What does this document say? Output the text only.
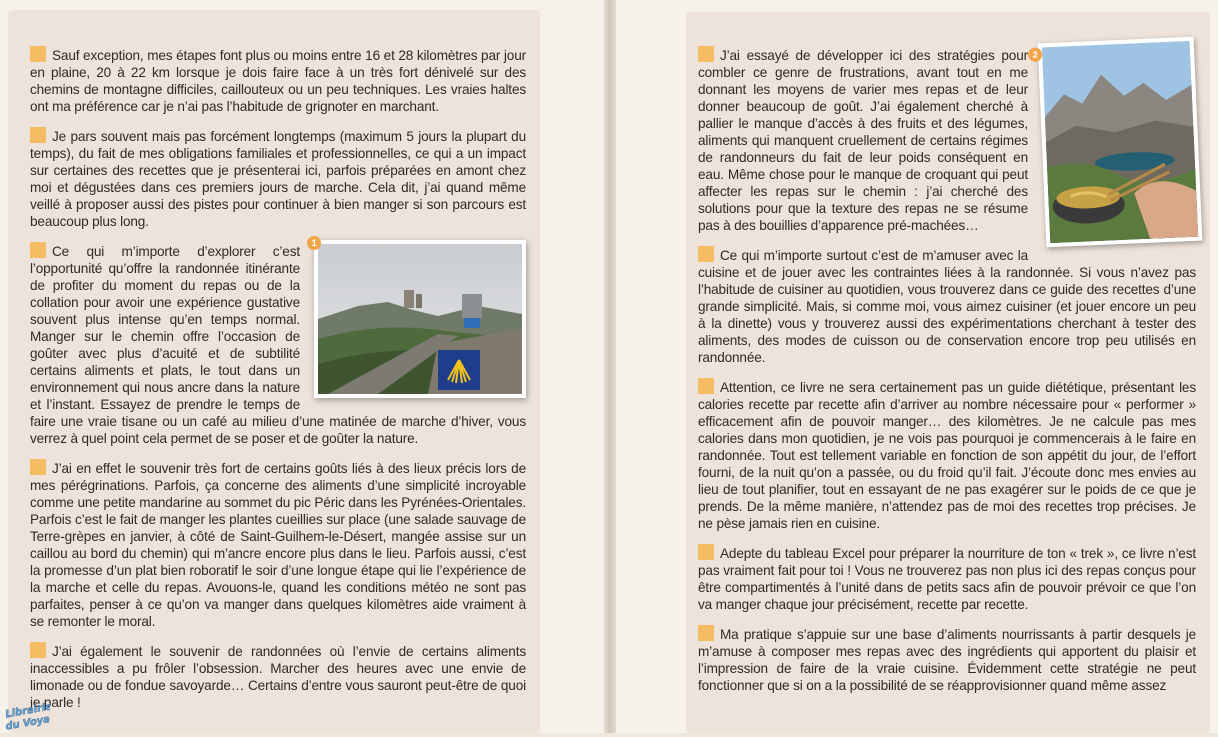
Sauf exception, mes étapes font plus ou moins entre 16 et 28 kilomètres par jour en plaine, 20 à 22 km lorsque je dois faire face à un très fort dénivelé sur des chemins de montagne difficiles, caillouteux ou un peu techniques. Les vraies haltes ont ma préférence car je n’ai pas l’habitude de grignoter en marchant.

Je pars souvent mais pas forcément longtemps (maximum 5 jours la plupart du temps), du fait de mes obligations familiales et professionnelles, ce qui a un impact sur certaines des recettes que je présenterai ici, parfois préparées en amont chez moi et dégustées dans ces premiers jours de marche. Cela dit, j’ai quand même veillé à proposer aussi des pistes pour continuer à bien manger si son parcours est beaucoup plus long.

1
Ce qui m’importe d’explorer c’est l’opportunité qu’offre la randonnée itinérante de profiter du moment du repas ou de la collation pour avoir une expérience gustative souvent plus intense qu’en temps normal. Manger sur le chemin offre l’occasion de goûter avec plus d’acuité et de subtilité certains aliments et plats, le tout dans un environnement qui nous ancre dans la nature et l’instant. Essayez de prendre le temps de faire une vraie tisane ou un café au milieu d’une matinée de marche d’hiver, vous verrez à quel point cela permet de se poser et de goûter la nature.

J’ai en effet le souvenir très fort de certains goûts liés à des lieux précis lors de mes pérégrinations. Parfois, ça concerne des aliments d’une simplicité incroyable comme une petite mandarine au sommet du pic Péric dans les Pyrénées-Orientales. Parfois c’est le fait de manger les plantes cueillies sur place (une salade sauvage de Terre-grèpes en janvier, à côté de Saint-Guilhem-le-Désert, mangée assise sur un caillou au bord du chemin) qui m’ancre encore plus dans le lieu. Parfois aussi, c’est la promesse d’un plat bien roboratif le soir d’une longue étape qui lie l’expérience de la marche et celle du repas. Avouons-le, quand les conditions météo ne sont pas parfaites, penser à ce qu’on va manger dans quelques kilomètres aide vraiment à se remonter le moral.

J’ai également le souvenir de randonnées où l’envie de certains aliments inaccessibles a pu frôler l’obsession. Marcher des heures avec une envie de limonade ou de fondue savoyarde… Certains d’entre vous sauront peut-être de quoi je parle !

2
J’ai essayé de développer ici des stratégies pour combler ce genre de frustrations, avant tout en me donnant les moyens de varier mes repas et de leur donner beaucoup de goût. J’ai également cherché à pallier le manque d’accès à des fruits et des légumes, aliments qui manquent cruellement de certains régimes de randonneurs du fait de leur poids conséquent en eau. Même chose pour le manque de croquant qui peut affecter les repas sur le chemin : j’ai cherché des solutions pour que la texture des repas ne se résume pas à des bouillies d’apparence pré-machées…

Ce qui m’importe surtout c’est de m’amuser avec la cuisine et de jouer avec les contraintes liées à la randonnée. Si vous n’avez pas l’habitude de cuisiner au quotidien, vous trouverez dans ce guide des recettes d’une grande simplicité. Mais, si comme moi, vous aimez cuisiner (et jouer encore un peu à la dinette) vous y trouverez aussi des expérimentations cherchant à tester des aliments, des modes de cuisson ou de conservation encore trop peu utilisés en randonnée.

Attention, ce livre ne sera certainement pas un guide diététique, présentant les calories recette par recette afin d’arriver au nombre nécessaire pour « performer » efficacement afin de pouvoir manger… des kilomètres. Je ne calcule pas mes calories dans mon quotidien, je ne vois pas pourquoi je commencerais à le faire en randonnée. Tout est tellement variable en fonction de son appétit du jour, de l’effort fourni, de la nuit qu’on a passée, ou du froid qu’il fait. J’écoute donc mes envies au lieu de tout planifier, tout en essayant de ne pas exagérer sur le poids de ce que je prends. De la même manière, n’attendez pas de moi des recettes trop précises. Je ne pèse jamais rien en cuisine.

Adepte du tableau Excel pour préparer la nourriture de ton « trek », ce livre n’est pas vraiment fait pour toi ! Vous ne trouverez pas non plus ici des repas conçus pour être compartimentés à l’unité dans de petits sacs afin de pouvoir prévoir ce que l’on va manger chaque jour précisément, recette par recette.

Ma pratique s’appuie sur une base d’aliments nourrissants à partir desquels je m’amuse à composer mes repas avec des ingrédients qui apportent du plaisir et l’impression de faire de la vraie cuisine. Évidemment cette stratégie ne peut fonctionner que si on a la possibilité de se réapprovisionner quand même assez

Librairie
du Voyage
